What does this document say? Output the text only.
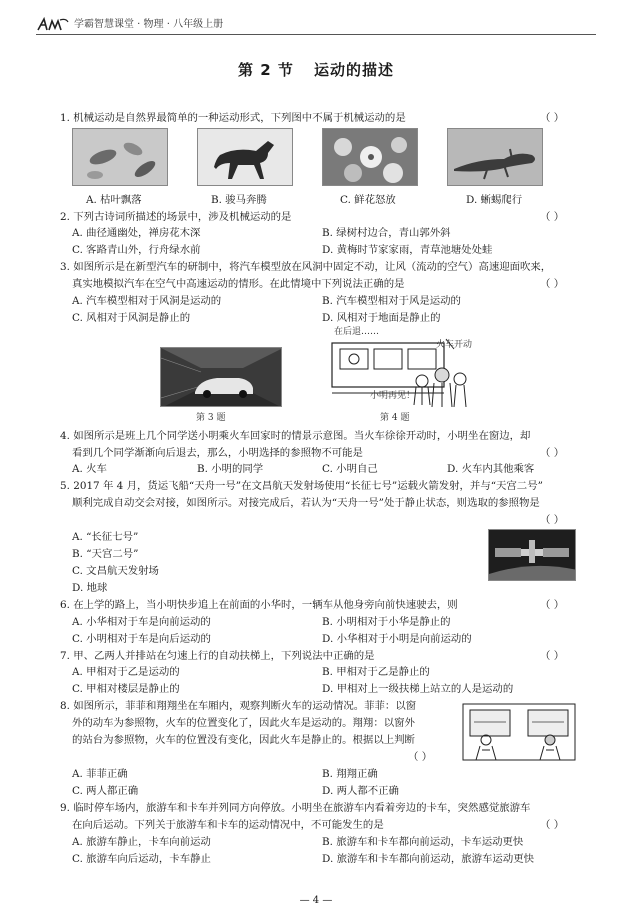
学霸智慧课堂 · 物理 · 八年级上册
第 2 节 运动的描述
1. 机械运动是自然界最简单的一种运动形式，下列图中不属于机械运动的是	（ ）
A. 枯叶飘落	B. 骏马奔腾	C. 鲜花怒放	D. 蜥蜴爬行
2. 下列古诗词所描述的场景中，涉及机械运动的是	（ ）
A. 曲径通幽处，禅房花木深	B. 绿树村边合，青山郭外斜
C. 客路青山外，行舟绿水前	D. 黄梅时节家家雨，青草池塘处处蛙
3. 如图所示是在新型汽车的研制中，将汽车模型放在风洞中固定不动，让风（流动的空气）高速迎面吹来，
真实地模拟汽车在空气中高速运动的情形。在此情境中下列说法正确的是	（ ）
A. 汽车模型相对于风洞是运动的	B. 汽车模型相对于风是运动的
C. 风相对于风洞是静止的	D. 风相对于地面是静止的
第 3 题
在后退……
火车开动
小明再见！
第 4 题
4. 如图所示是班上几个同学送小明乘火车回家时的情景示意图。当火车徐徐开动时，小明坐在窗边，却
看到几个同学渐渐向后退去，那么，小明选择的参照物不可能是	（ ）
A. 火车	B. 小明的同学	C. 小明自己	D. 火车内其他乘客
5. 2017 年 4 月，货运飞船“天舟一号”在文昌航天发射场使用“长征七号”运载火箭发射，并与“天宫二号”
顺利完成自动交会对接，如图所示。对接完成后，若认为“天舟一号”处于静止状态，则选取的参照物是
（ ）
A. “长征七号”
B. “天宫二号”
C. 文昌航天发射场
D. 地球
6. 在上学的路上，当小明快步追上在前面的小华时，一辆车从他身旁向前快速驶去，则	（ ）
A. 小华相对于车是向前运动的	B. 小明相对于小华是静止的
C. 小明相对于车是向后运动的	D. 小华相对于小明是向前运动的
7. 甲、乙两人并排站在匀速上行的自动扶梯上，下列说法中正确的是	（ ）
A. 甲相对于乙是运动的	B. 甲相对于乙是静止的
C. 甲相对楼层是静止的	D. 甲相对上一级扶梯上站立的人是运动的
8. 如图所示，菲菲和翔翔坐在车厢内，观察判断火车的运动情况。菲菲：以窗
外的动车为参照物，火车的位置变化了，因此火车是运动的。翔翔：以窗外
的站台为参照物，火车的位置没有变化，因此火车是静止的。根据以上判断
（ ）
A. 菲菲正确	B. 翔翔正确
C. 两人都正确	D. 两人都不正确
9. 临时停车场内，旅游车和卡车并列同方向停放。小明坐在旅游车内看着旁边的卡车，突然感觉旅游车
在向后运动。下列关于旅游车和卡车的运动情况中，不可能发生的是	（ ）
A. 旅游车静止，卡车向前运动	B. 旅游车和卡车都向前运动，卡车运动更快
C. 旅游车向后运动，卡车静止	D. 旅游车和卡车都向前运动，旅游车运动更快
— 4 —
